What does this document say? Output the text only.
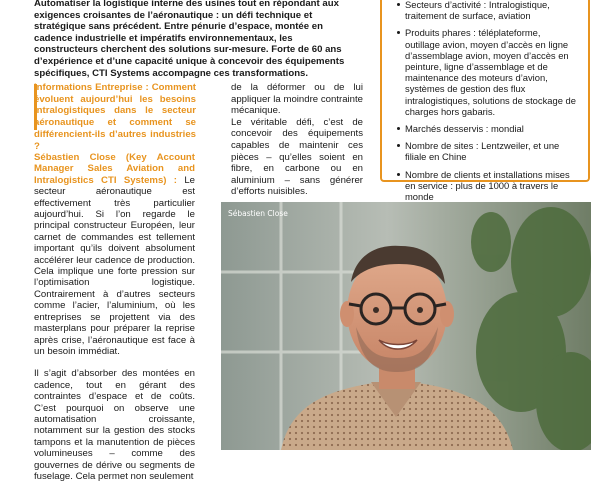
Automatiser la logistique interne des usines tout en répondant aux exigences croisantes de l’aéronautique : un défi technique et stratégique sans précédent. Entre pénurie d’espace, montée en cadence industrielle et impératifs environnementaux, les constructeurs cherchent des solutions sur-mesure. Forte de 60 ans d’expérience et d’une capacité unique à concevoir des équipements spécifiques, CTI Systems accompagne ces transformations.

Informations Entreprise : Comment évoluent aujourd’hui les besoins intralogistiques dans le secteur aéronautique et comment se différencient-ils d’autres industries ?

Sébastien Close (Key Account Manager Sales Aviation and Intralogistics CTI Systems) : Le secteur aéronautique est effectivement très particulier aujourd’hui. Si l’on regarde le principal constructeur Européen, leur carnet de commandes est tellement important qu’ils doivent absolument accélérer leur cadence de production. Cela implique une forte pression sur l’optimisation logistique. Contrairement à d’autres secteurs comme l’acier, l’aluminium, où les entreprises se projettent via des masterplans pour préparer la reprise après crise, l’aéronautique est face à un besoin immédiat.

Il s’agit d’absorber des montées en cadence, tout en gérant des contraintes d’espace et de coûts. C’est pourquoi on observe une automatisation croissante, notamment sur la gestion des stocks tampons et la manutention de pièces volumineuses – comme des gouvernes de dérive ou segments de fuselage. Cela permet non seulement

de la déformer ou de lui appliquer la moindre contrainte mécanique.

Le véritable défi, c’est de concevoir des équipements capables de maintenir ces pièces – qu’elles soient en fibre, en carbone ou en aluminium – sans générer d’efforts nuisibles.

Secteurs d’activité : Intralogistique, traitement de surface, aviation
Produits phares : téléplateforme, outillage avion, moyen d’accès en ligne d’assemblage avion, moyen d’accès en peinture, ligne d’assemblage et de maintenance des moteurs d’avion, systèmes de gestion des flux intralogistiques, solutions de stockage de charges hors gabaris.
Marchés desservis : mondial
Nombre de sites : Lentzweiler, et une filiale en Chine
Nombre de clients et installations mises en service : plus de 1000 à travers le monde
Sébastien Close
